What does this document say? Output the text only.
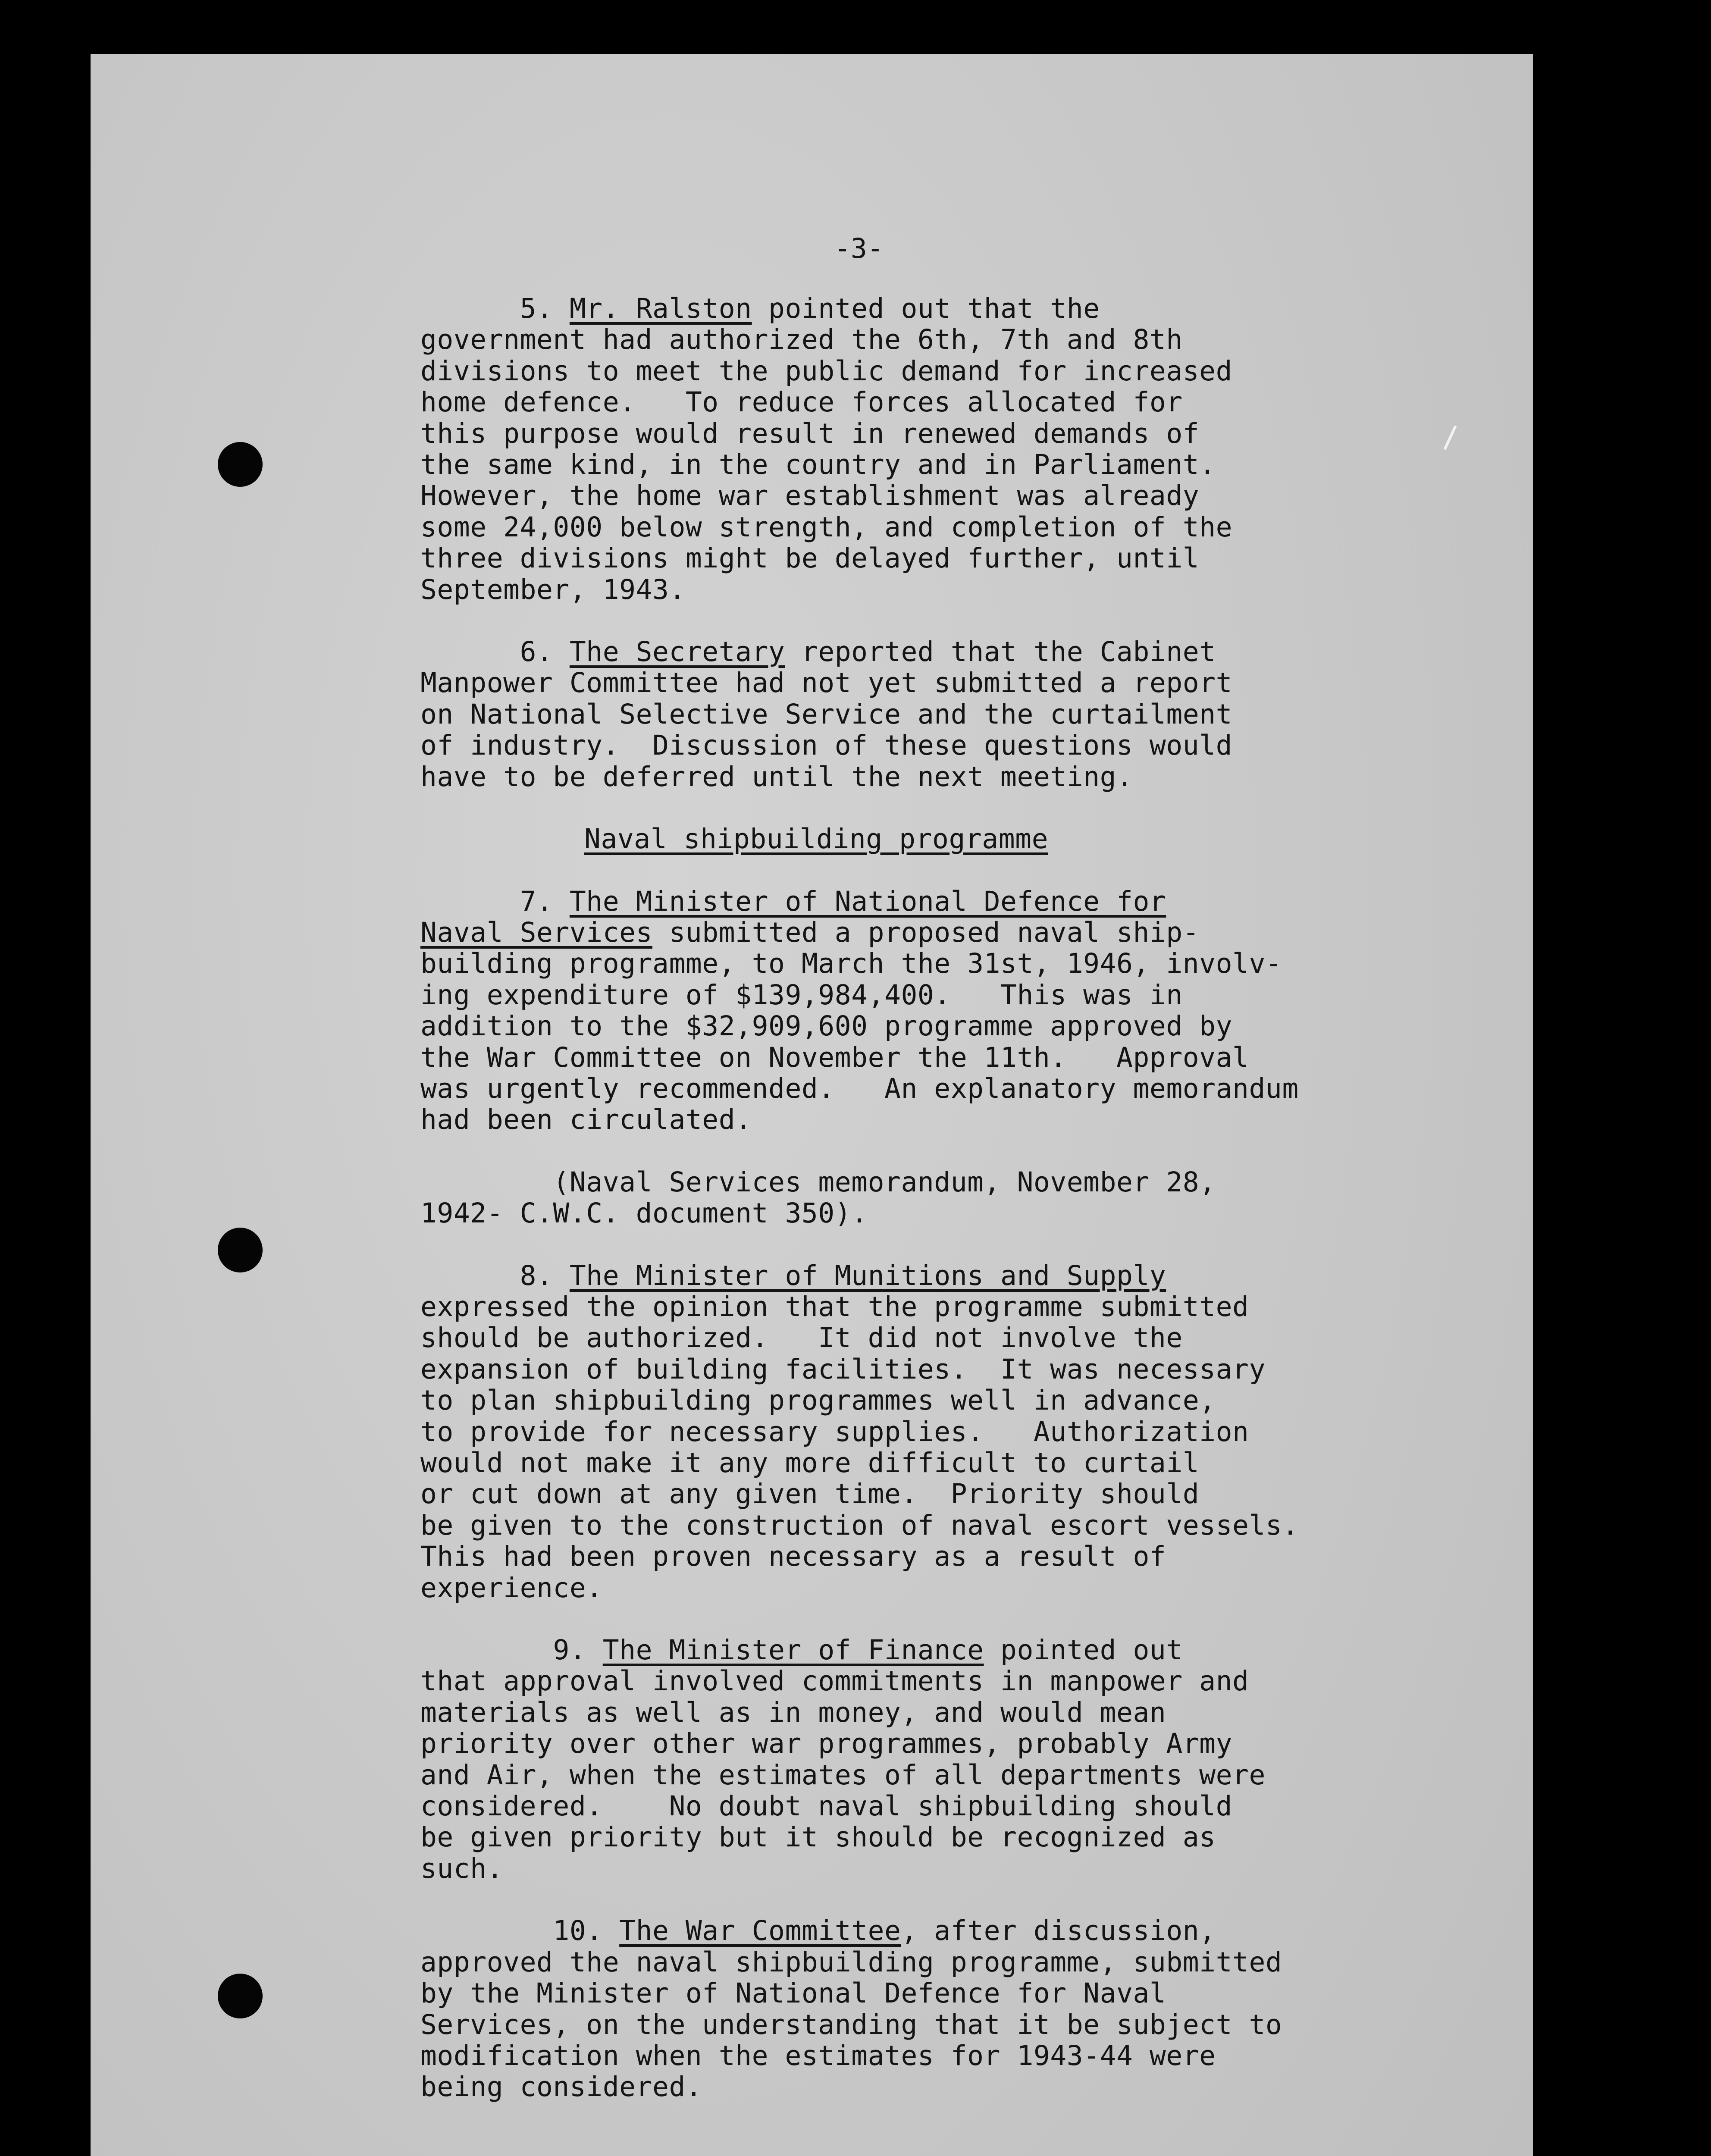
-3-

5. Mr. Ralston pointed out that the
government had authorized the 6th, 7th and 8th
divisions to meet the public demand for increased
home defence.   To reduce forces allocated for
this purpose would result in renewed demands of
the same kind, in the country and in Parliament.
However, the home war establishment was already
some 24,000 below strength, and completion of the
three divisions might be delayed further, until
September, 1943.

6. The Secretary reported that the Cabinet
Manpower Committee had not yet submitted a report
on National Selective Service and the curtailment
of industry.  Discussion of these questions would
have to be deferred until the next meeting.

Naval shipbuilding programme

7. The Minister of National Defence for
Naval Services submitted a proposed naval ship-
building programme, to March the 31st, 1946, involv-
ing expenditure of $139,984,400.   This was in
addition to the $32,909,600 programme approved by
the War Committee on November the 11th.   Approval
was urgently recommended.   An explanatory memorandum
had been circulated.

(Naval Services memorandum, November 28,
1942- C.W.C. document 350).

8. The Minister of Munitions and Supply
expressed the opinion that the programme submitted
should be authorized.   It did not involve the
expansion of building facilities.  It was necessary
to plan shipbuilding programmes well in advance,
to provide for necessary supplies.   Authorization
would not make it any more difficult to curtail
or cut down at any given time.  Priority should
be given to the construction of naval escort vessels.
This had been proven necessary as a result of
experience.

9. The Minister of Finance pointed out
that approval involved commitments in manpower and
materials as well as in money, and would mean
priority over other war programmes, probably Army
and Air, when the estimates of all departments were
considered.    No doubt naval shipbuilding should
be given priority but it should be recognized as
such.

10. The War Committee, after discussion,
approved the naval shipbuilding programme, submitted
by the Minister of National Defence for Naval
Services, on the understanding that it be subject to
modification when the estimates for 1943-44 were
being considered.
